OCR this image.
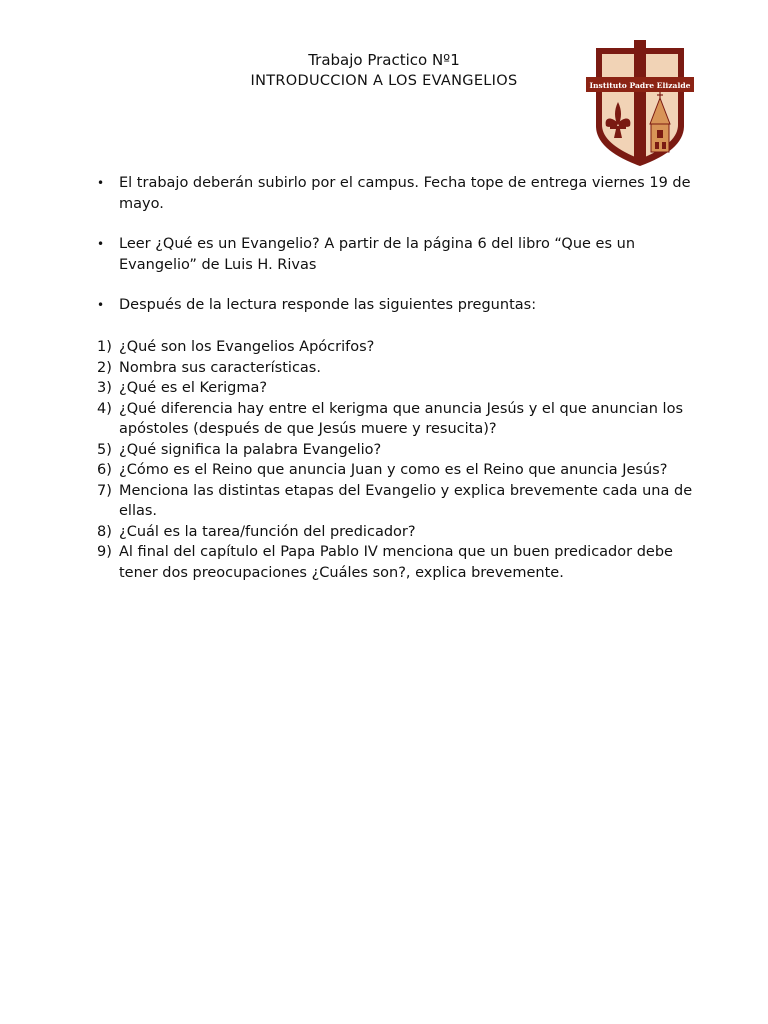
Trabajo Practico Nº1
INTRODUCCION A LOS EVANGELIOS	Instituto Padre Elizalde
• El trabajo deberán subirlo por el campus. Fecha tope de entrega viernes 19 de mayo.
• Leer ¿Qué es un Evangelio? A partir de la página 6 del libro “Que es un Evangelio” de Luis H. Rivas
• Después de la lectura responde las siguientes preguntas:
1) ¿Qué son los Evangelios Apócrifos?
2) Nombra sus características.
3) ¿Qué es el Kerigma?
4) ¿Qué diferencia hay entre el kerigma que anuncia Jesús y el que anuncian los apóstoles (después de que Jesús muere y resucita)?
5) ¿Qué significa la palabra Evangelio?
6) ¿Cómo es el Reino que anuncia Juan y como es el Reino que anuncia Jesús?
7) Menciona las distintas etapas del Evangelio y explica brevemente cada una de ellas.
8) ¿Cuál es la tarea/función del predicador?
9) Al final del capítulo el Papa Pablo IV menciona que un buen predicador debe tener dos preocupaciones ¿Cuáles son?, explica brevemente.
